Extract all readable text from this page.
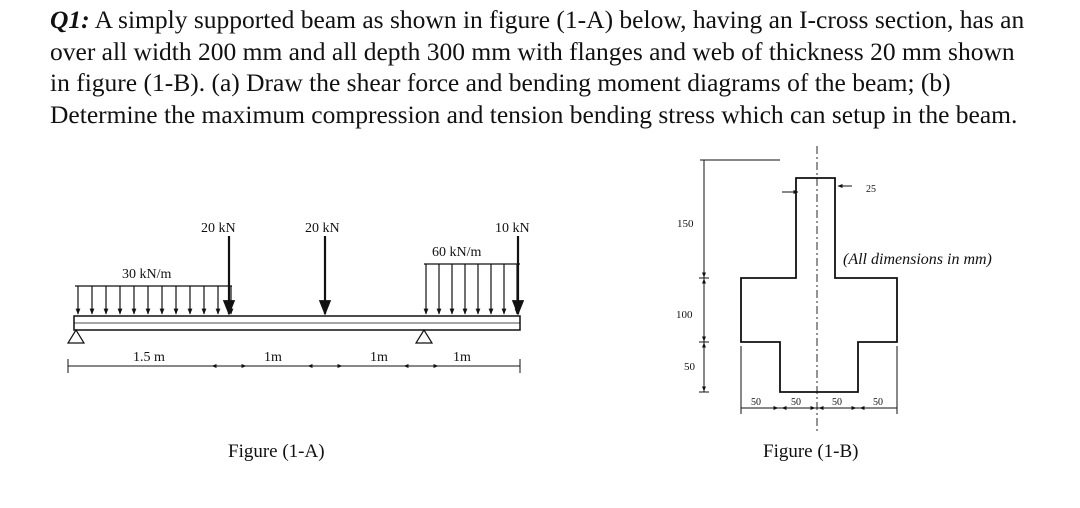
Q1: A simply supported beam as shown in figure (1-A) below, having an I-cross section, has an over all width 200 mm and all depth 300 mm with flanges and web of thickness 20 mm shown in figure (1-B). (a) Draw the shear force and bending moment diagrams of the beam; (b) Determine the maximum compression and tension bending stress which can setup in the beam.
30 kN/m
60 kN/m
20 kN	20 kN	10 kN
1.5 m	1m	1m	1m
Figure (1-A)
25
150
100
50
50	50	50	50
(All dimensions in mm)
Figure (1-B)
